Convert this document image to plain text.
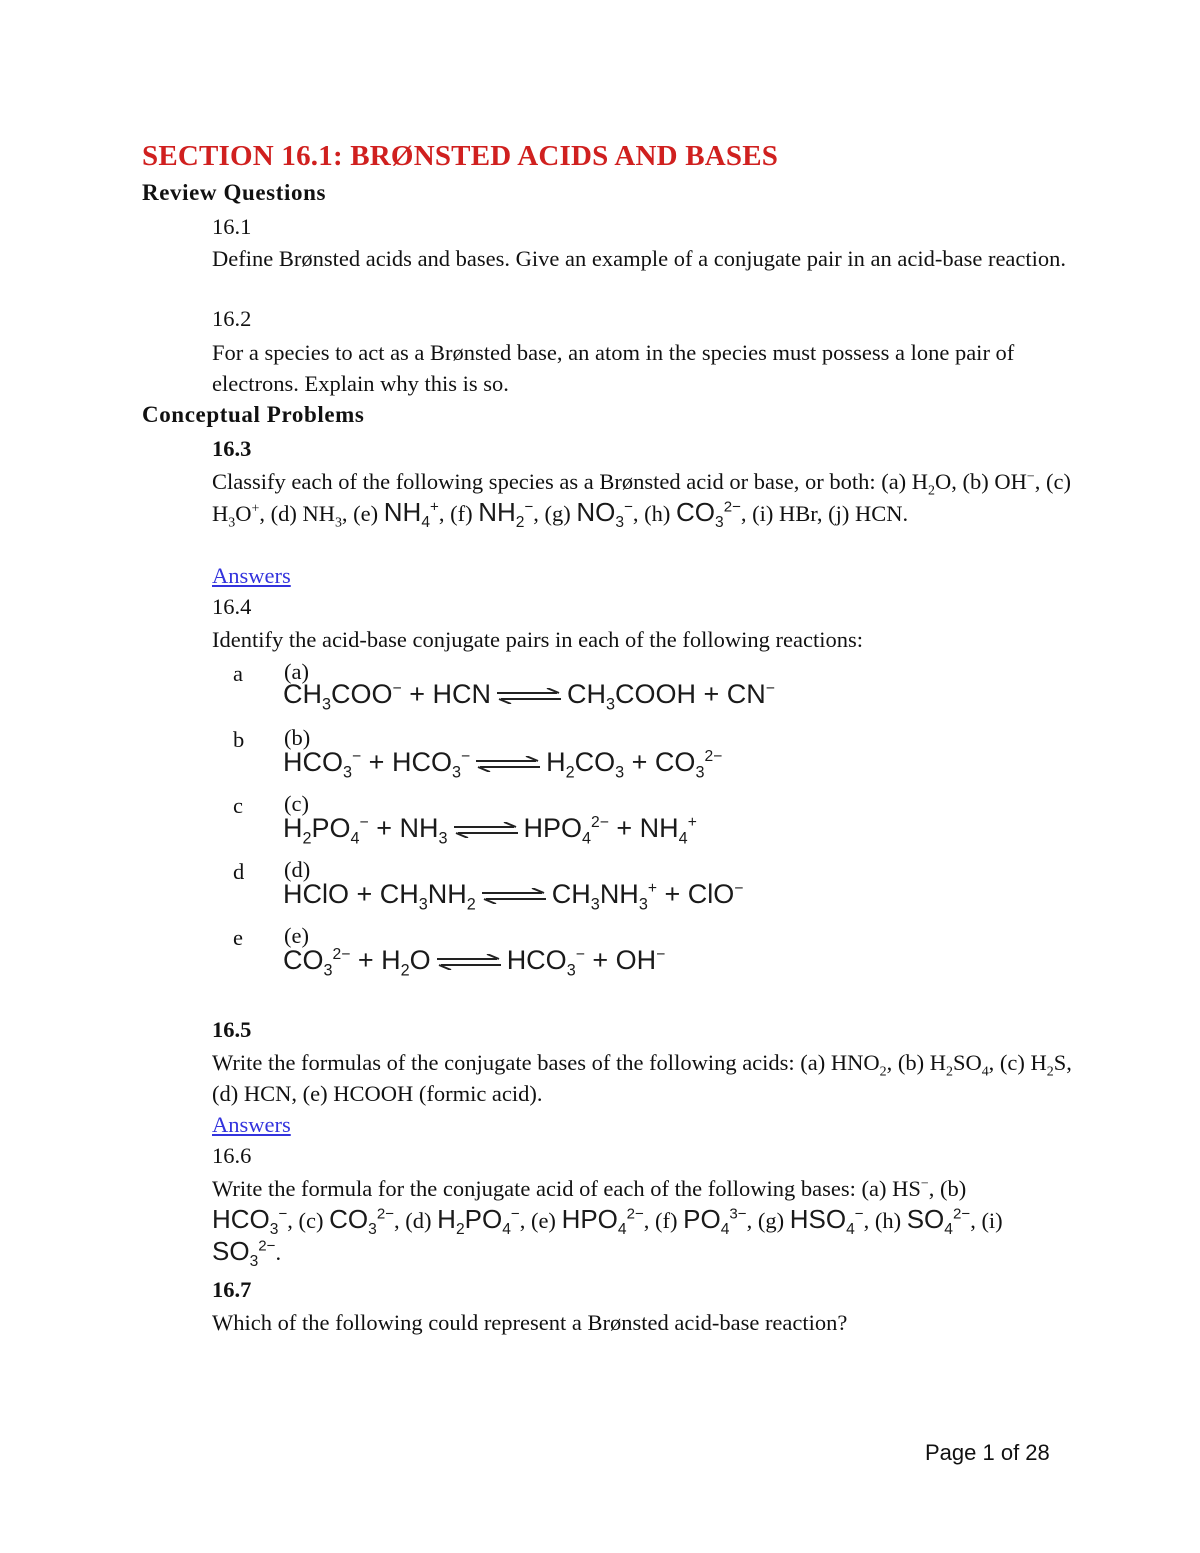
SECTION 16.1: BRØNSTED ACIDS AND BASES
Review Questions
16.1
Define Brønsted acids and bases. Give an example of a conjugate pair in an acid-base reaction.
16.2
For a species to act as a Brønsted base, an atom in the species must possess a lone pair of electrons. Explain why this is so.
Conceptual Problems
16.3
Classify each of the following species as a Brønsted acid or base, or both: (a) $H_2O$, (b) OH−, (c) $H_3O^+$, (d) $NH_3$, (e) $NH_4^+$, (f) $NH_2^-$, (g) $NO_3^-$, (h) $CO_3^{2-}$, (i) HBr, (j) HCN.
Answers
16.4
Identify the acid-base conjugate pairs in each of the following reactions:
a (a)
$CH_3COO^-$ + HCN ⇌ $CH_3COOH + CN^-$
b (b)
$HCO_3^- + HCO_3^-$ ⇌ $H_2CO_3 + CO_3^{2-}$
c (c)
$H_2PO_4^- + NH_3$ ⇌ $HPO_4^{2-} + NH_4^+$
d (d)
HClO + $CH_3NH_2$ ⇌ $CH_3NH_3^+ + ClO^-$
e (e)
$CO_3^{2-} + H_2O$ ⇌ $HCO_3^- + OH^-$
16.5
Write the formulas of the conjugate bases of the following acids: (a) $HNO_2$, (b) $H_2SO_4$, (c) $H_2S$, (d) HCN, (e) HCOOH (formic acid).
Answers
16.6
Write the formula for the conjugate acid of each of the following bases: (a) HS−, (b) $HCO_3^-$, (c) $CO_3^{2-}$, (d) $H_2PO_4^-$, (e) $HPO_4^{2-}$, (f) $PO_4^{3-}$, (g) $HSO_4^-$, (h) $SO_4^{2-}$, (i) $SO_3^{2-}$.
16.7
Which of the following could represent a Brønsted acid-base reaction?
Page 1 of 28
